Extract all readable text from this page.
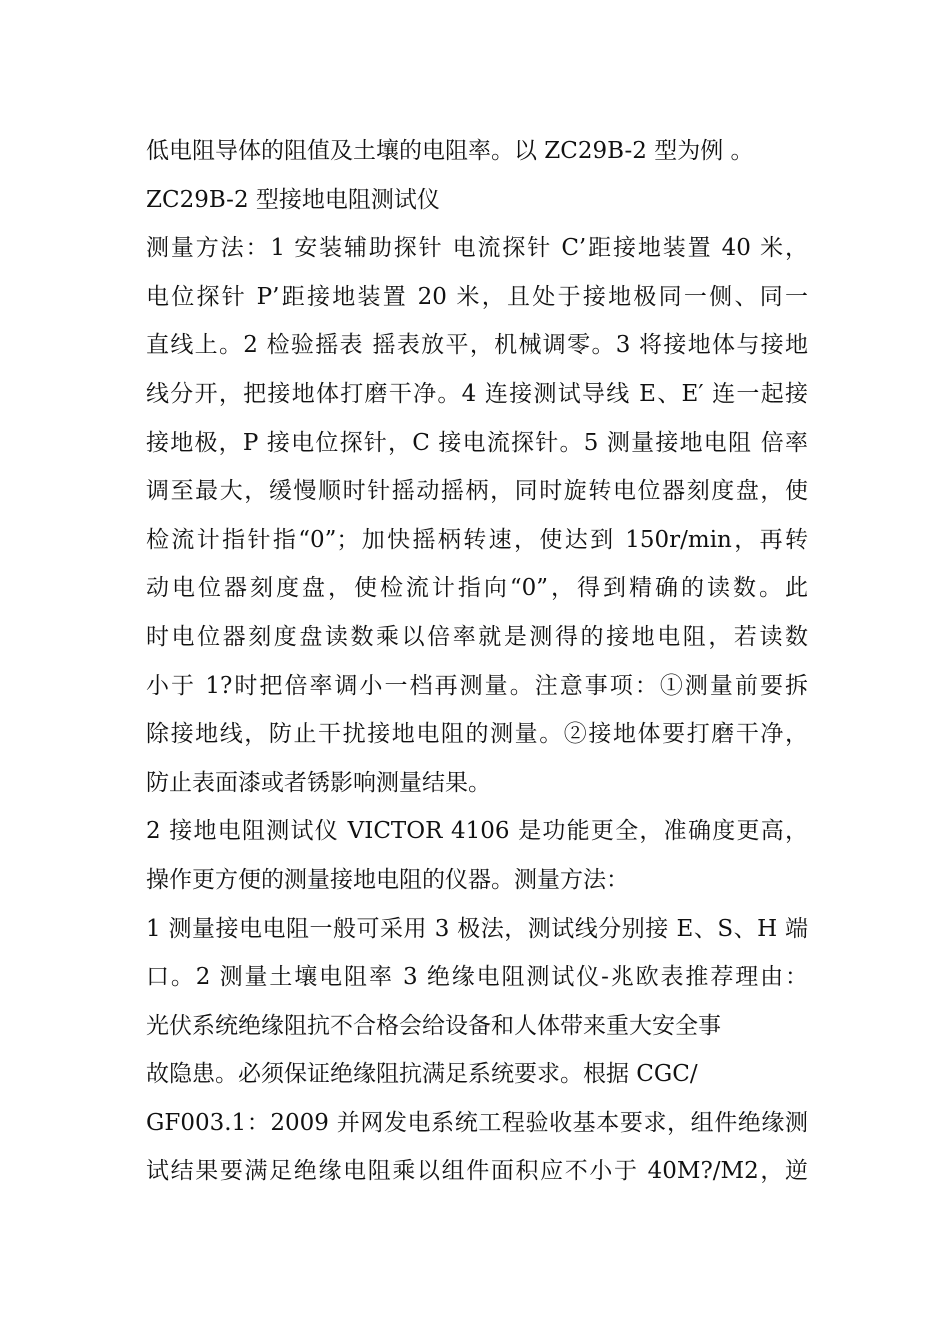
低电阻导体的阻值及土壤的电阻率。以 ZC29B-2 型为例 。
ZC29B-2 型接地电阻测试仪
测量方法：1 安装辅助探针 电流探针 C’距接地装置 40 米，
电位探针 P’距接地装置 20 米，且处于接地极同一侧、同一
直线上。2 检验摇表 摇表放平，机械调零。3 将接地体与接地
线分开，把接地体打磨干净。4 连接测试导线 E、E′ 连一起接
接地极，P 接电位探针，C 接电流探针。5 测量接地电阻 倍率
调至最大，缓慢顺时针摇动摇柄，同时旋转电位器刻度盘，使
检流计指针指“0”；加快摇柄转速，使达到 150r/min，再转
动电位器刻度盘，使检流计指向“0”，得到精确的读数。此
时电位器刻度盘读数乘以倍率就是测得的接地电阻，若读数
小于 1?时把倍率调小一档再测量。注意事项：①测量前要拆
除接地线，防止干扰接地电阻的测量。②接地体要打磨干净，
防止表面漆或者锈影响测量结果。
2 接地电阻测试仪 VICTOR 4106 是功能更全，准确度更高，
操作更方便的测量接地电阻的仪器。测量方法：
1 测量接电电阻一般可采用 3 极法，测试线分别接 E、S、H 端
口。2 测量土壤电阻率 3 绝缘电阻测试仪-兆欧表推荐理由：
光伏系统绝缘阻抗不合格会给设备和人体带来重大安全事
故隐患。必须保证绝缘阻抗满足系统要求。根据 CGC/
GF003.1：2009 并网发电系统工程验收基本要求，组件绝缘测
试结果要满足绝缘电阻乘以组件面积应不小于 40M?/M2，逆
